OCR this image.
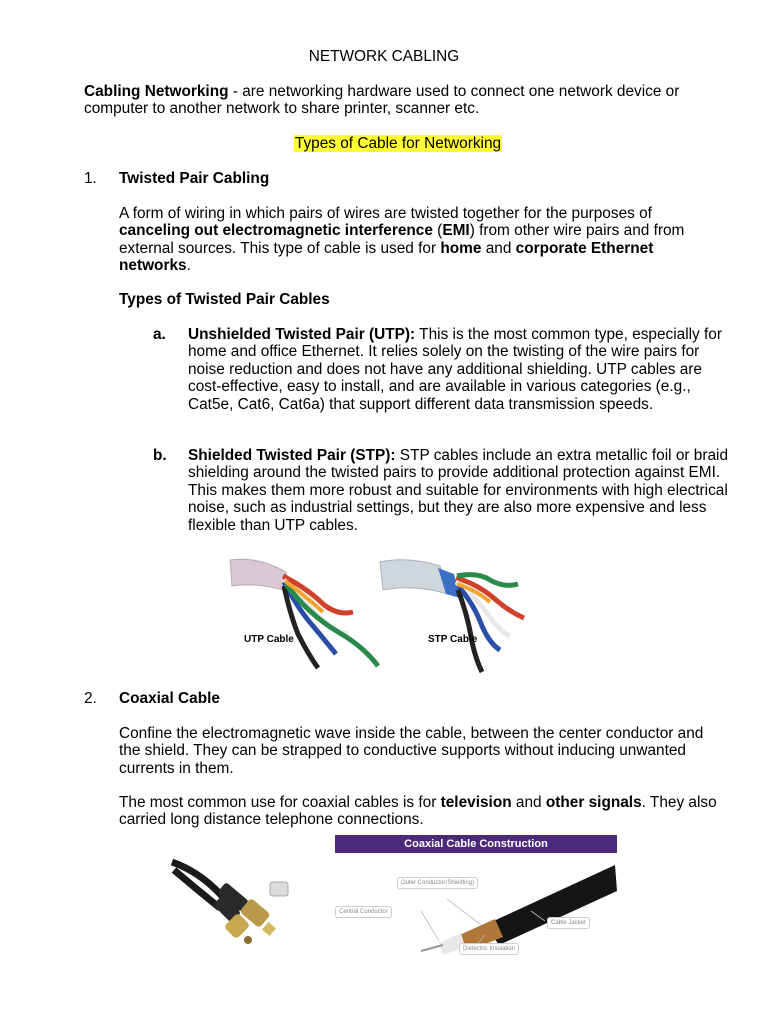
NETWORK CABLING
Cabling Networking - are networking hardware used to connect one network device or computer to another network to share printer, scanner etc.
Types of Cable for Networking
1. Twisted Pair Cabling
A form of wiring in which pairs of wires are twisted together for the purposes of canceling out electromagnetic interference (EMI) from other wire pairs and from external sources. This type of cable is used for home and corporate Ethernet networks.
Types of Twisted Pair Cables
a. Unshielded Twisted Pair (UTP): This is the most common type, especially for home and office Ethernet. It relies solely on the twisting of the wire pairs for noise reduction and does not have any additional shielding. UTP cables are cost-effective, easy to install, and are available in various categories (e.g., Cat5e, Cat6, Cat6a) that support different data transmission speeds.
b. Shielded Twisted Pair (STP): STP cables include an extra metallic foil or braid shielding around the twisted pairs to provide additional protection against EMI. This makes them more robust and suitable for environments with high electrical noise, such as industrial settings, but they are also more expensive and less flexible than UTP cables.
UTP Cable	STP Cable
2. Coaxial Cable
Confine the electromagnetic wave inside the cable, between the center conductor and the shield. They can be strapped to conductive supports without inducing unwanted currents in them.
The most common use for coaxial cables is for television and other signals. They also carried long distance telephone connections.
Coaxial Cable Construction
Outer Conductor(Shielding)
Central Conductor
Cable Jacket
Dielectric Insulation
